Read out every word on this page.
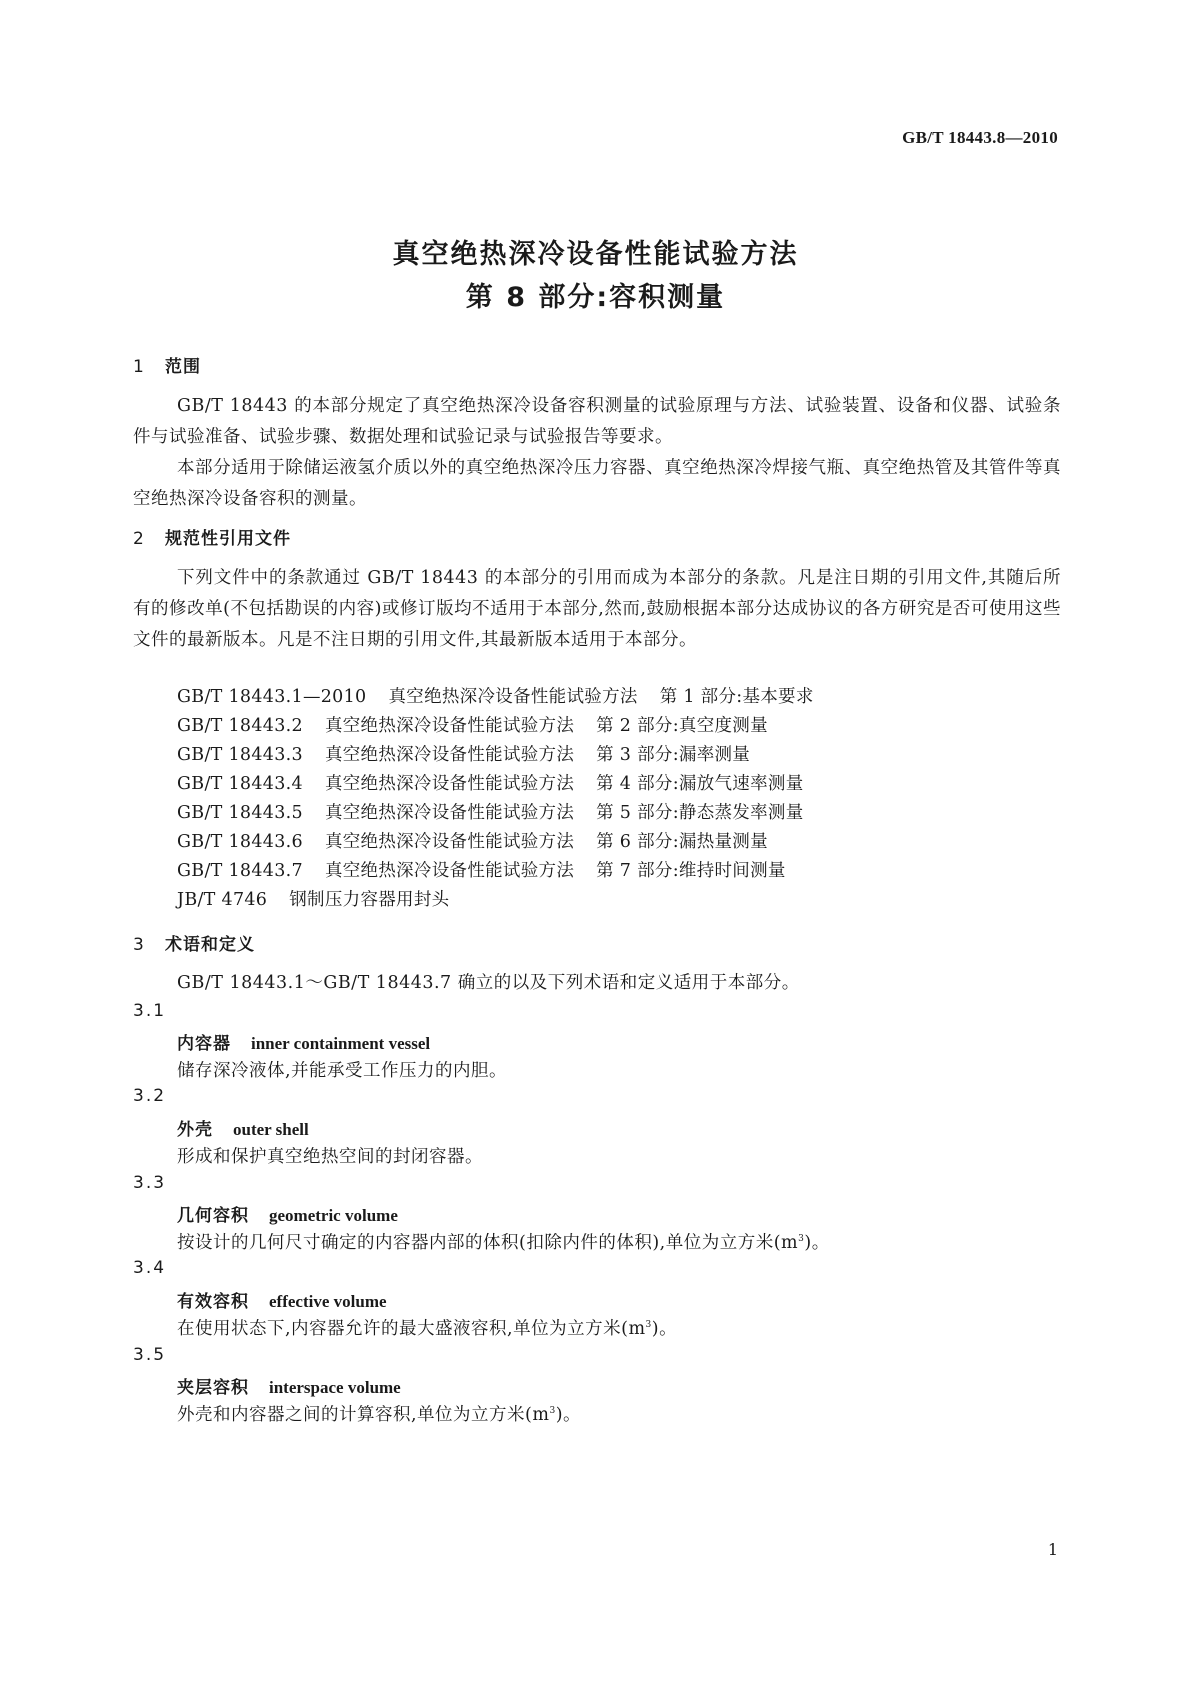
GB/T 18443.8—2010
真空绝热深冷设备性能试验方法
第 8 部分:容积测量
1 范围
GB/T 18443 的本部分规定了真空绝热深冷设备容积测量的试验原理与方法、试验装置、设备和仪器、试验条件与试验准备、试验步骤、数据处理和试验记录与试验报告等要求。
本部分适用于除储运液氢介质以外的真空绝热深冷压力容器、真空绝热深冷焊接气瓶、真空绝热管及其管件等真空绝热深冷设备容积的测量。
2 规范性引用文件
下列文件中的条款通过 GB/T 18443 的本部分的引用而成为本部分的条款。凡是注日期的引用文件,其随后所有的修改单(不包括勘误的内容)或修订版均不适用于本部分,然而,鼓励根据本部分达成协议的各方研究是否可使用这些文件的最新版本。凡是不注日期的引用文件,其最新版本适用于本部分。
GB/T 18443.1—2010 真空绝热深冷设备性能试验方法 第 1 部分:基本要求
GB/T 18443.2 真空绝热深冷设备性能试验方法 第 2 部分:真空度测量
GB/T 18443.3 真空绝热深冷设备性能试验方法 第 3 部分:漏率测量
GB/T 18443.4 真空绝热深冷设备性能试验方法 第 4 部分:漏放气速率测量
GB/T 18443.5 真空绝热深冷设备性能试验方法 第 5 部分:静态蒸发率测量
GB/T 18443.6 真空绝热深冷设备性能试验方法 第 6 部分:漏热量测量
GB/T 18443.7 真空绝热深冷设备性能试验方法 第 7 部分:维持时间测量
JB/T 4746 钢制压力容器用封头
3 术语和定义
GB/T 18443.1～GB/T 18443.7 确立的以及下列术语和定义适用于本部分。
3.1
内容器 inner containment vessel
储存深冷液体,并能承受工作压力的内胆。
3.2
外壳 outer shell
形成和保护真空绝热空间的封闭容器。
3.3
几何容积 geometric volume
按设计的几何尺寸确定的内容器内部的体积(扣除内件的体积),单位为立方米$(m^3)$。
3.4
有效容积 effective volume
在使用状态下,内容器允许的最大盛液容积,单位为立方米$(m^3)$。
3.5
夹层容积 interspace volume
外壳和内容器之间的计算容积,单位为立方米$(m^3)$。
1
